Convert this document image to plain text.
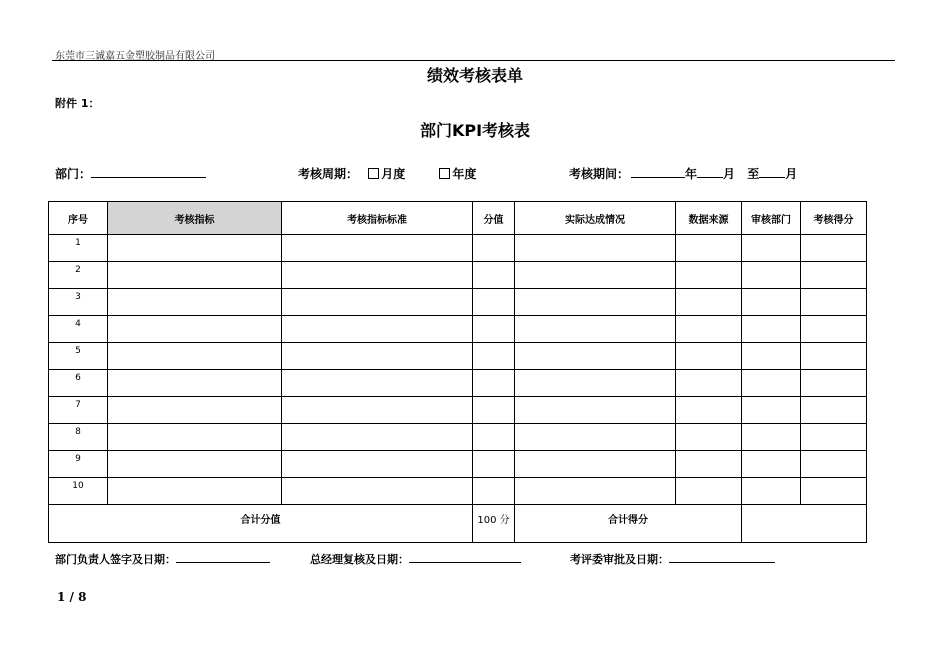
东莞市三诚嘉五金塑胶制品有限公司
绩效考核表单
附件 1：
部门KPI考核表
部门：	考核周期： 月度	年度	考核期间：	年 月 至 月
序号	考核指标	考核指标标准	分值	实际达成情况	数据来源	审核部门	考核得分
1							
2							
3							
4							
5							
6							
7							
8							
9							
10							
合计分值			100 分	合计得分			
部门负责人签字及日期：	总经理复核及日期：	考评委审批及日期：
1 / 8
